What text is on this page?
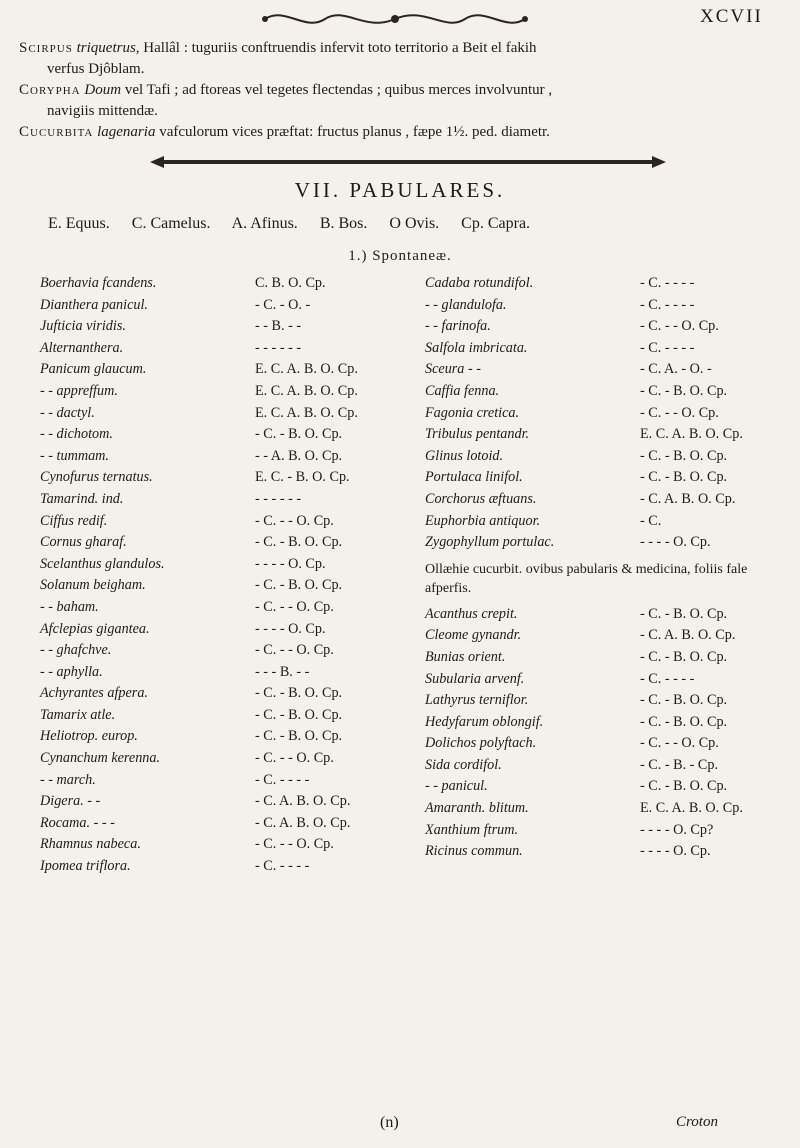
XCVII

Scirpus triquetrus, Hallâl : tuguriis conftruendis infervit toto territorio a Beit el fakih

verfus Djôblam.

Corypha Doum vel Tafi ; ad ftoreas vel tegetes flectendas ; quibus merces involvuntur ,

navigiis mittendæ.

Cucurbita lagenaria vafculorum vices præftat: fructus planus , fæpe 1½. ped. diametr.

VII. PABULARES.
E. Equus. C. Camelus. A. Afinus. B. Bos. O Ovis. Cp. Capra.
1.) Spontaneæ.
Boerhavia fcandens.	C. B. O. Cp.
Dianthera panicul.	- C. - O. -
Jufticia viridis.	- - B. - -
Alternanthera.	- - - - - -
Panicum glaucum.	E. C. A. B. O. Cp.
- - appreffum.	E. C. A. B. O. Cp.
- - dactyl.	E. C. A. B. O. Cp.
- - dichotom.	- C. - B. O. Cp.
- - tummam.	- - A. B. O. Cp.
Cynofurus ternatus.	E. C. - B. O. Cp.
Tamarind. ind.	- - - - - -
Ciffus redif.	- C. - - O. Cp.
Cornus gharaf.	- C. - B. O. Cp.
Scelanthus glandulos.	- - - - O. Cp.
Solanum beigham.	- C. - B. O. Cp.
- - baham.	- C. - - O. Cp.
Afclepias gigantea.	- - - - O. Cp.
- - ghafchve.	- C. - - O. Cp.
- - aphylla.	- - - B. - -
Achyrantes afpera.	- C. - B. O. Cp.
Tamarix atle.	- C. - B. O. Cp.
Heliotrop. europ.	- C. - B. O. Cp.
Cynanchum kerenna.	- C. - - O. Cp.
- - march.	- C. - - - -
Digera. - -	- C. A. B. O. Cp.
Rocama. - - -	- C. A. B. O. Cp.
Rhamnus nabeca.	- C. - - O. Cp.
Ipomea triflora.	- C. - - - -
Cadaba rotundifol.	- C. - - - -
- - glandulofa.	- C. - - - -
- - farinofa.	- C. - - O. Cp.
Salfola imbricata.	- C. - - - -
Sceura - -	- C. A. - O. -
Caffia fenna.	- C. - B. O. Cp.
Fagonia cretica.	- C. - - O. Cp.
Tribulus pentandr.	E. C. A. B. O. Cp.
Glinus lotoid.	- C. - B. O. Cp.
Portulaca linifol.	- C. - B. O. Cp.
Corchorus æftuans.	- C. A. B. O. Cp.
Euphorbia antiquor.	- C.
Zygophyllum portulac.	- - - - O. Cp.
Ollæhie cucurbit. ovibus pabularis & medicina, foliis fale afperfis.
Acanthus crepit.	- C. - B. O. Cp.
Cleome gynandr.	- C. A. B. O. Cp.
Bunias orient.	- C. - B. O. Cp.
Subularia arvenf.	- C. - - - -
Lathyrus terniflor.	- C. - B. O. Cp.
Hedyfarum oblongif.	- C. - B. O. Cp.
Dolichos polyftach.	- C. - - O. Cp.
Sida cordifol.	- C. - B. - Cp.
- - panicul.	- C. - B. O. Cp.
Amaranth. blitum.	E. C. A. B. O. Cp.
Xanthium ftrum.	- - - - O. Cp?
Ricinus commun.	- - - - O. Cp.
(n)	Croton
